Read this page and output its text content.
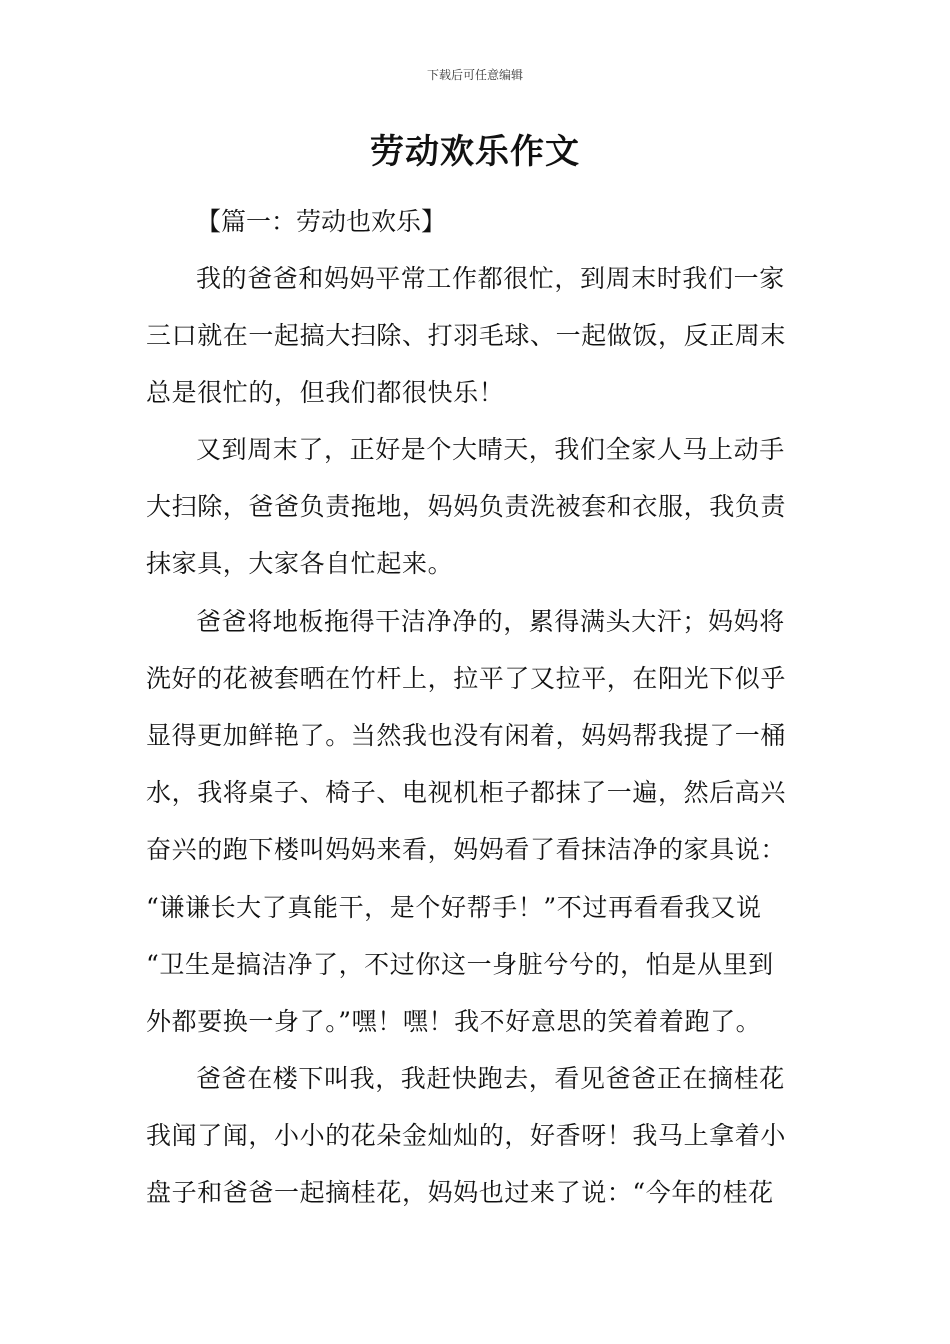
下载后可任意编辑
劳动欢乐作文
【篇一：劳动也欢乐】
我的爸爸和妈妈平常工作都很忙，到周末时我们一家
三口就在一起搞大扫除、打羽毛球、一起做饭，反正周末
总是很忙的，但我们都很快乐！
又到周末了，正好是个大晴天，我们全家人马上动手
大扫除，爸爸负责拖地，妈妈负责洗被套和衣服，我负责
抹家具，大家各自忙起来。
爸爸将地板拖得干洁净净的，累得满头大汗；妈妈将
洗好的花被套晒在竹杆上，拉平了又拉平，在阳光下似乎
显得更加鲜艳了。当然我也没有闲着，妈妈帮我提了一桶
水，我将桌子、椅子、电视机柜子都抹了一遍，然后高兴
奋兴的跑下楼叫妈妈来看，妈妈看了看抹洁净的家具说：
“谦谦长大了真能干，是个好帮手！”不过再看看我又说
“卫生是搞洁净了，不过你这一身脏兮兮的，怕是从里到
外都要换一身了。”嘿！嘿！我不好意思的笑着着跑了。
爸爸在楼下叫我，我赶快跑去，看见爸爸正在摘桂花
我闻了闻，小小的花朵金灿灿的，好香呀！我马上拿着小
盘子和爸爸一起摘桂花，妈妈也过来了说：“今年的桂花
